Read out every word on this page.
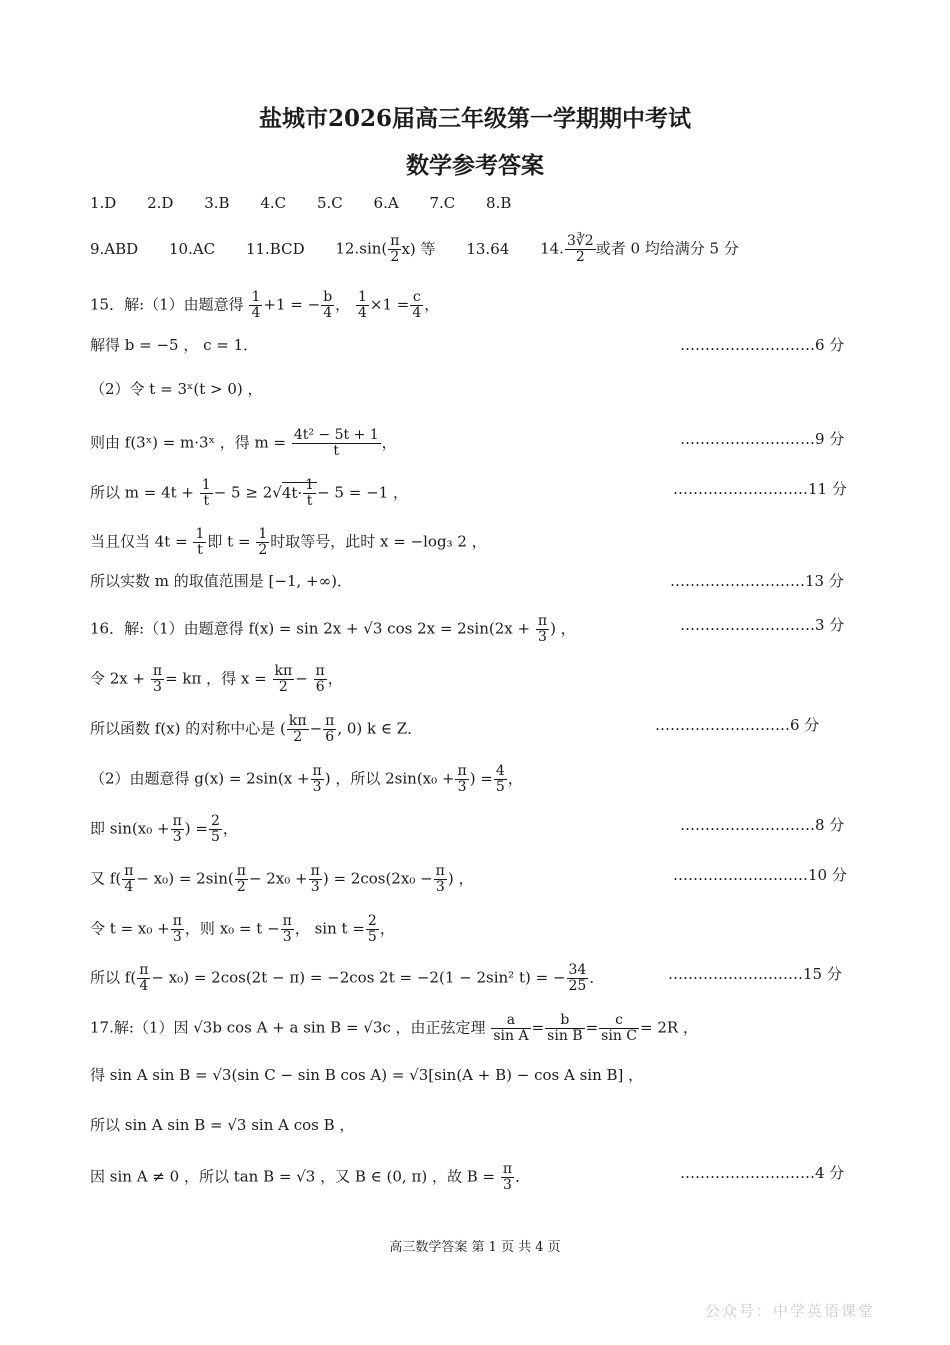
盐城市2026届高三年级第一学期期中考试
数学参考答案
1.D 2.D 3.B 4.C 5.C 6.A 7.C 8.B
9.ABD 10.AC 11.BCD $12.\sin( \frac{\pi}{2} x)$ 等 13.64 14. $\frac{3∛2}{2}$ 或者 0 均给满分 5 分
15．解:（1）由题意得 $\frac{1}{4} +1$ = − $\frac{b}{4}$ ， $\frac{1}{4} \times 1 = \frac{c}{4}$ ，
解得 b = −5 ， c = 1．	………………………6 分
（2）令 t = 3ˣ(t > 0) ，
则由 f(3ˣ) = m·3ˣ ，得 $m = \frac{\text{4t² − 5t + 1}}{t}$ ，	………………………9 分
所以 $m = 4t + \frac{1}{t} - 5 \ge 2√4t\cdot \frac{1}{t} - 5 = -1$ ，	………………………11 分
当且仅当 $4t = \frac{1}{t}$ 即 $t = \frac{1}{2}$ 时取等号，此时 x = −log₃ 2 ，
所以实数 m 的取值范围是 [−1, +∞)．	………………………13 分
16．解:（1）由题意得 f(x) = sin 2x + √3 $\cos 2x = 2\sin(2x + \frac{\pi}{3}$ ) ，	………………………3 分
令 $2x + \frac{\pi}{3} = k\pi$ ，得 $x = \frac{k\pi}{2} - \frac{\pi}{6}$ ，
所以函数 f(x) 的对称中心是 ( $\frac{k\pi}{2} - \frac{\pi}{6}$ , 0) k ∈ Z．	………………………6 分
（2）由题意得 $g(x) = 2\sin(x + \frac{\pi}{3}$ ) ，所以 $2\sin(x_0 + \frac{\pi}{3}$ ) = $\frac{4}{5}$ ，
即 $\sin(x_0 + \frac{\pi}{3}$ ) = $\frac{2}{5}$ ，	………………………8 分
又 $f( \frac{\pi}{4} - x_0) = 2\sin( \frac{\pi}{2} - 2x_0 + \frac{\pi}{3}$ ) = $2\cos(2x_0 - \frac{\pi}{3}$ ) ，	………………………10 分
令 $t = x_0 + \frac{\pi}{3}$ ，则 $x_0 = t - \frac{\pi}{3}$ ， $\sin t = \frac{2}{5}$ ，
所以 $f( \frac{\pi}{4} - x_0) = 2\cos(2t - \pi) = -2\cos$ 2t = −2(1 − 2sin² t) = − $\frac{34}{25}$ ．	………………………15 分
17.解:（1）因 √3b cos A + a sin B = √3c ，由正弦定理 $\frac{a}{\text{sin A}} = \frac{b}{\text{sin B}} = \frac{c}{\text{sin C}} = 2R$ ，
得 sin A sin B = √3(sin C − sin B cos A) = √3[sin(A + B) − cos A sin B] ，
所以 sin A sin B = √3 sin A cos B ，
因 sin A ≠ 0 ，所以 tan B = √3 ，又 B ∈ (0, π) ，故 $B = \frac{\pi}{3}$ ．	………………………4 分
高三数学答案 第 1 页 共 4 页
公众号：中学英语课堂
